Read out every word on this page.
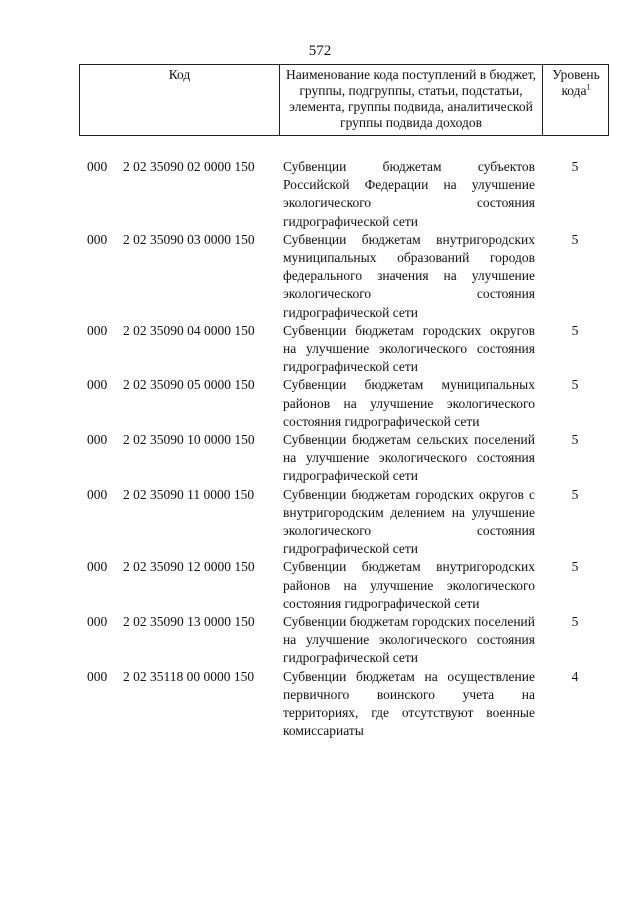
572
Код	Наименование кода поступлений в бюджет, группы, подгруппы, статьи, подстатьи, элемента, группы подвида, аналитической группы подвида доходов
Уровень кода$^1$
000 2 02 35090 02 0000 150 Субвенции бюджетам субъектов Российской Федерации на улучшение экологического состояния гидрографической сети
5
000 2 02 35090 03 0000 150 Субвенции бюджетам внутригородских муниципальных образований городов федерального значения на улучшение экологического состояния гидрографической сети
5
000 2 02 35090 04 0000 150 Субвенции бюджетам городских округов на улучшение экологического состояния гидрографической сети
5
000 2 02 35090 05 0000 150 Субвенции бюджетам муниципальных районов на улучшение экологического состояния гидрографической сети
5
000 2 02 35090 10 0000 150 Субвенции бюджетам сельских поселений на улучшение экологического состояния гидрографической сети
5
000 2 02 35090 11 0000 150 Субвенции бюджетам городских округов с внутригородским делением на улучшение экологического состояния гидрографической сети
5
000 2 02 35090 12 0000 150 Субвенции бюджетам внутригородских районов на улучшение экологического состояния гидрографической сети
5
000 2 02 35090 13 0000 150 Субвенции бюджетам городских поселений на улучшение экологического состояния гидрографической сети
5
000 2 02 35118 00 0000 150 Субвенции бюджетам на осуществление первичного воинского учета на территориях, где отсутствуют военные комиссариаты
4
